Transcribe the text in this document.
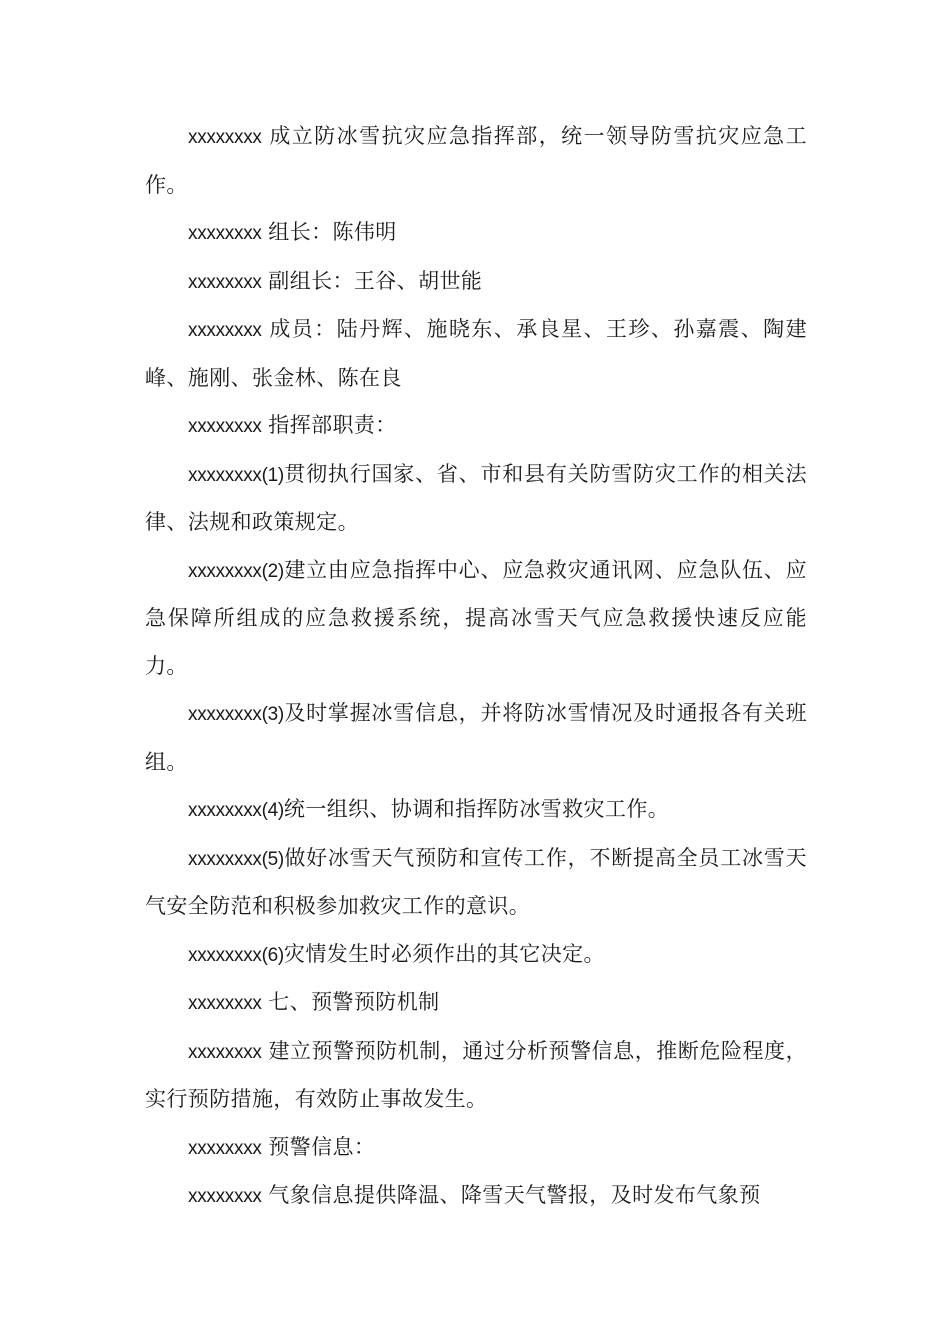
xxxxxxxx 成立防冰雪抗灾应急指挥部，统一领导防雪抗灾应急工作。

xxxxxxxx 组长：陈伟明

xxxxxxxx 副组长：王谷、胡世能

xxxxxxxx 成员：陆丹辉、施晓东、承良星、王珍、孙嘉震、陶建峰、施刚、张金林、陈在良

xxxxxxxx 指挥部职责：

xxxxxxxx(1)贯彻执行国家、省、市和县有关防雪防灾工作的相关法律、法规和政策规定。

xxxxxxxx(2)建立由应急指挥中心、应急救灾通讯网、应急队伍、应急保障所组成的应急救援系统，提高冰雪天气应急救援快速反应能力。

xxxxxxxx(3)及时掌握冰雪信息，并将防冰雪情况及时通报各有关班组。

xxxxxxxx(4)统一组织、协调和指挥防冰雪救灾工作。

xxxxxxxx(5)做好冰雪天气预防和宣传工作，不断提高全员工冰雪天气安全防范和积极参加救灾工作的意识。

xxxxxxxx(6)灾情发生时必须作出的其它决定。

xxxxxxxx 七、预警预防机制

xxxxxxxx 建立预警预防机制，通过分析预警信息，推断危险程度，实行预防措施，有效防止事故发生。

xxxxxxxx 预警信息：

xxxxxxxx 气象信息提供降温、降雪天气警报，及时发布气象预
